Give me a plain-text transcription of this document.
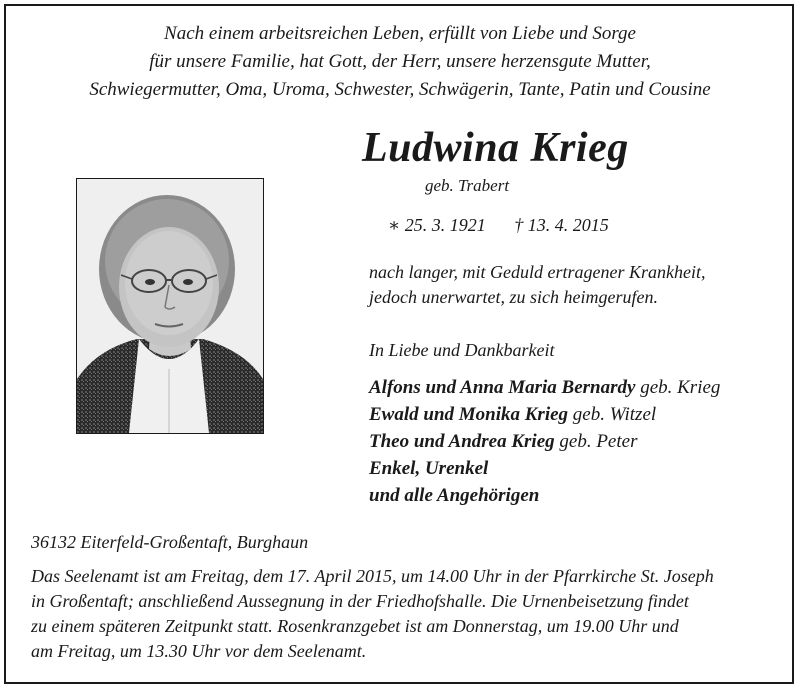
Nach einem arbeitsreichen Leben, erfüllt von Liebe und Sorge
für unsere Familie, hat Gott, der Herr, unsere herzensgute Mutter,
Schwiegermutter, Oma, Uroma, Schwester, Schwägerin, Tante, Patin und Cousine
Ludwina Krieg
geb. Trabert
∗ 25. 3. 1921 † 13. 4. 2015
nach langer, mit Geduld ertragener Krankheit,
jedoch unerwartet, zu sich heimgerufen.
In Liebe und Dankbarkeit
Alfons und Anna Maria Bernardy geb. Krieg
Ewald und Monika Krieg geb. Witzel
Theo und Andrea Krieg geb. Peter
Enkel, Urenkel
und alle Angehörigen
36132 Eiterfeld-Großentaft, Burghaun
Das Seelenamt ist am Freitag, dem 17. April 2015, um 14.00 Uhr in der Pfarrkirche St. Joseph
in Großentaft; anschließend Aussegnung in der Friedhofshalle. Die Urnenbeisetzung findet
zu einem späteren Zeitpunkt statt. Rosenkranzgebet ist am Donnerstag, um 19.00 Uhr und
am Freitag, um 13.30 Uhr vor dem Seelenamt.
